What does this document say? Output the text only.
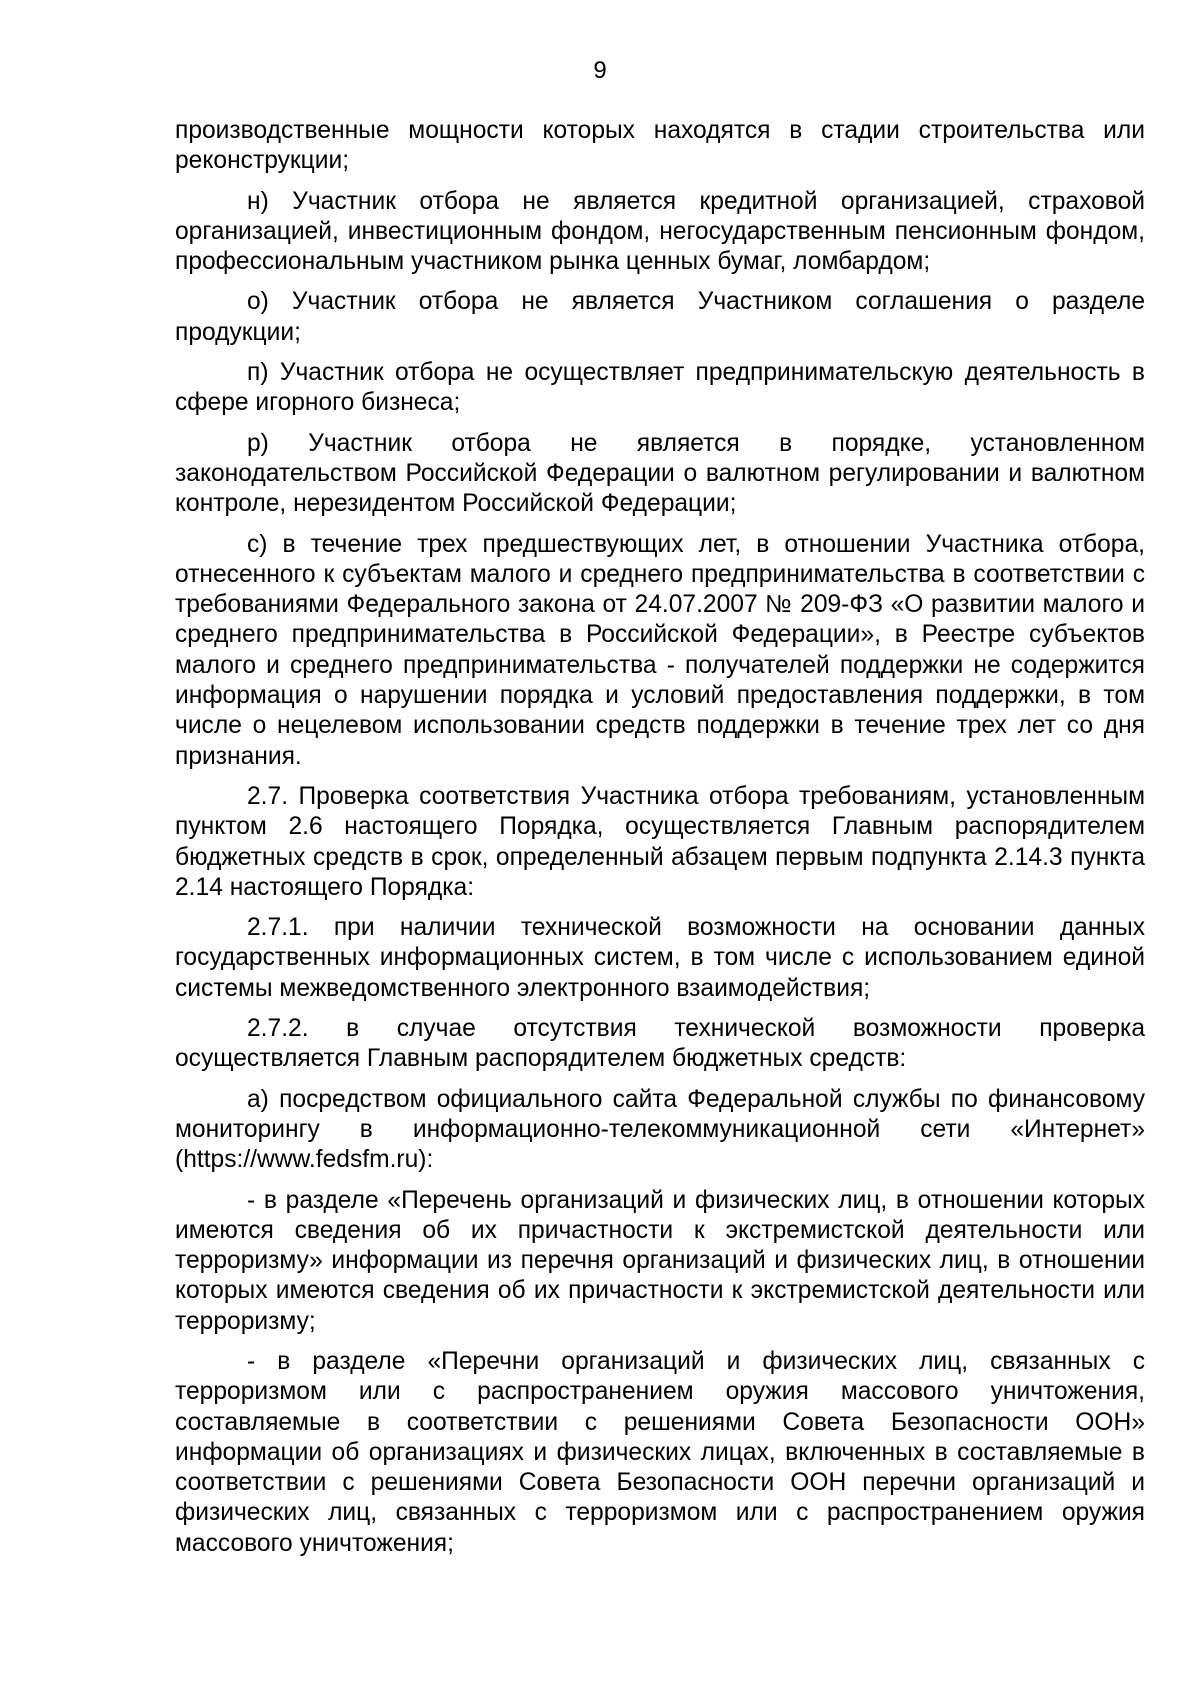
9

производственные мощности которых находятся в стадии строительства или реконструкции;

н) Участник отбора не является кредитной организацией, страховой организацией, инвестиционным фондом, негосударственным пенсионным фондом, профессиональным участником рынка ценных бумаг, ломбардом;

о) Участник отбора не является Участником соглашения о разделе продукции;

п) Участник отбора не осуществляет предпринимательскую деятельность в сфере игорного бизнеса;

р) Участник отбора не является в порядке, установленном законодательством Российской Федерации о валютном регулировании и валютном контроле, нерезидентом Российской Федерации;

с) в течение трех предшествующих лет, в отношении Участника отбора, отнесенного к субъектам малого и среднего предпринимательства в соответствии с требованиями Федерального закона от 24.07.2007 № 209-ФЗ «О развитии малого и среднего предпринимательства в Российской Федерации», в Реестре субъектов малого и среднего предпринимательства - получателей поддержки не содержится информация о нарушении порядка и условий предоставления поддержки, в том числе о нецелевом использовании средств поддержки в течение трех лет со дня признания.

2.7. Проверка соответствия Участника отбора требованиям, установленным пунктом 2.6 настоящего Порядка, осуществляется Главным распорядителем бюджетных средств в срок, определенный абзацем первым подпункта 2.14.3 пункта 2.14 настоящего Порядка:

2.7.1. при наличии технической возможности на основании данных государственных информационных систем, в том числе с использованием единой системы межведомственного электронного взаимодействия;

2.7.2. в случае отсутствия технической возможности проверка осуществляется Главным распорядителем бюджетных средств:

а) посредством официального сайта Федеральной службы по финансовому мониторингу в информационно-телекоммуникационной сети «Интернет» (https://www.fedsfm.ru):

- в разделе «Перечень организаций и физических лиц, в отношении которых имеются сведения об их причастности к экстремистской деятельности или терроризму» информации из перечня организаций и физических лиц, в отношении которых имеются сведения об их причастности к экстремистской деятельности или терроризму;

- в разделе «Перечни организаций и физических лиц, связанных с терроризмом или с распространением оружия массового уничтожения, составляемые в соответствии с решениями Совета Безопасности ООН» информации об организациях и физических лицах, включенных в составляемые в соответствии с решениями Совета Безопасности ООН перечни организаций и физических лиц, связанных с терроризмом или с распространением оружия массового уничтожения;
